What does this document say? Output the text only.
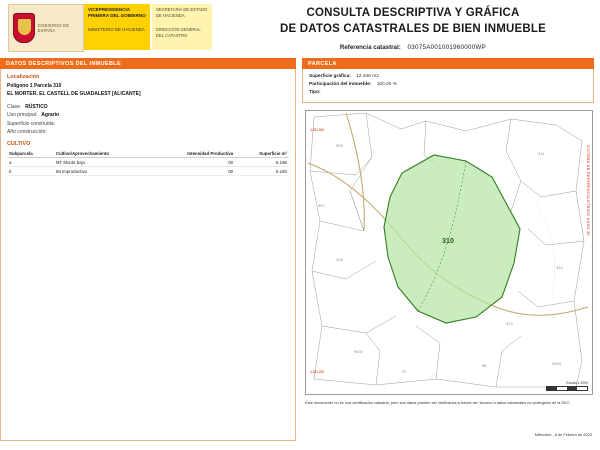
GOBIERNO DE ESPAÑA
VICEPRESIDENCIA PRIMERA DEL GOBIERNO
MINISTERIO DE HACIENDA
SECRETARÍA DE ESTADO DE HACIENDA
DIRECCIÓN GENERAL DEL CATASTRO
CONSULTA DESCRIPTIVA Y GRÁFICA
DE DATOS CATASTRALES DE BIEN INMUEBLE
Referencia catastral: 03075A001001960000WP
DATOS DESCRIPTIVOS DEL INMUEBLE
Localización
Polígono 1 Parcela 310
EL MORTER. EL CASTELL DE GUADALEST [ALICANTE]
Clase: RÚSTICO
Uso principal: Agrario
Superficie construida:
Año construcción:
CULTIVO
Subparcela	Cultivo/Aprovechamiento	Intensidad Productiva	Superficie m²
a	MT Monte bajo	00	6.196
b	IM Improductivo	00	6.150
PARCELA
Superficie gráfica: 12.346 m2
Participación del inmueble: 100,00 %
Tipo:
310
309
311
312
308
97
98	9004
9001
307
313
4.281.500
4.281.200
SISTEMA DE REFERENCIA ETRS89 HUSO 30
Escala 1:2000
Este documento no es una certificación catastral, pero sus datos pueden ser verificados a través del 'Acceso a datos catastrales no protegidos de la SEC'.
Miércoles , 8 de Febrero de 2023
